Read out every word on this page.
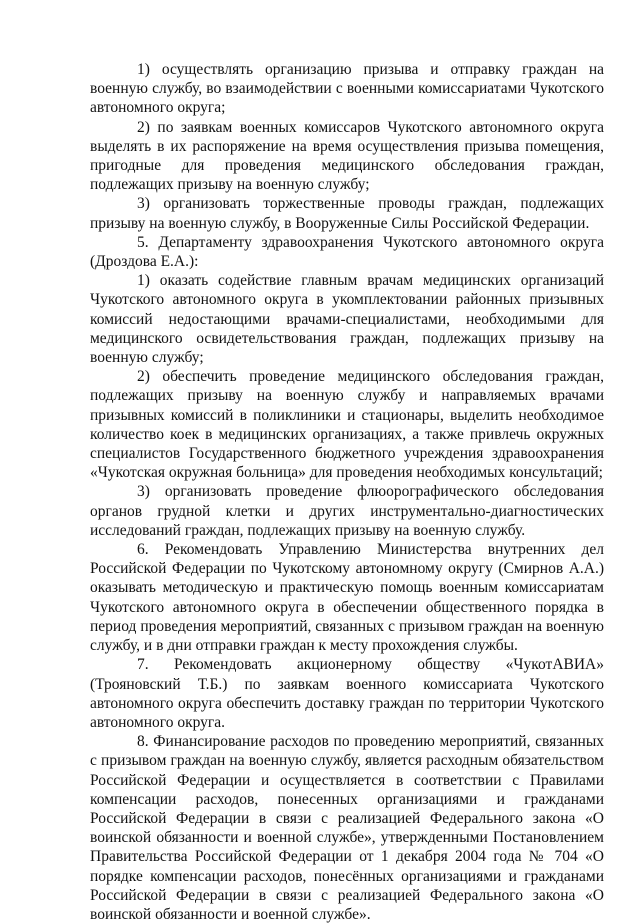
1) осуществлять организацию призыва и отправку граждан на военную службу, во взаимодействии с военными комиссариатами Чукотского автономного округа;

2) по заявкам военных комиссаров Чукотского автономного округа выделять в их распоряжение на время осуществления призыва помещения, пригодные для проведения медицинского обследования граждан, подлежащих призыву на военную службу;

3) организовать торжественные проводы граждан, подлежащих призыву на военную службу, в Вооруженные Силы Российской Федерации.

5. Департаменту здравоохранения Чукотского автономного округа (Дроздова Е.А.):

1) оказать содействие главным врачам медицинских организаций Чукотского автономного округа в укомплектовании районных призывных комиссий недостающими врачами-специалистами, необходимыми для медицинского освидетельствования граждан, подлежащих призыву на военную службу;

2) обеспечить проведение медицинского обследования граждан, подлежащих призыву на военную службу и направляемых врачами призывных комиссий в поликлиники и стационары, выделить необходимое количество коек в медицинских организациях, а также привлечь окружных специалистов Государственного бюджетного учреждения здравоохранения «Чукотская окружная больница» для проведения необходимых консультаций;

3) организовать проведение флюорографического обследования органов грудной клетки и других инструментально-диагностических исследований граждан, подлежащих призыву на военную службу.

6. Рекомендовать Управлению Министерства внутренних дел Российской Федерации по Чукотскому автономному округу (Смирнов А.А.) оказывать методическую и практическую помощь военным комиссариатам Чукотского автономного округа в обеспечении общественного порядка в период проведения мероприятий, связанных с призывом граждан на военную службу, и в дни отправки граждан к месту прохождения службы.

7. Рекомендовать акционерному обществу «ЧукотАВИА» (Трояновский Т.Б.) по заявкам военного комиссариата Чукотского автономного округа обеспечить доставку граждан по территории Чукотского автономного округа.

8. Финансирование расходов по проведению мероприятий, связанных с призывом граждан на военную службу, является расходным обязательством Российской Федерации и осуществляется в соответствии с Правилами компенсации расходов, понесенных организациями и гражданами Российской Федерации в связи с реализацией Федерального закона «О воинской обязанности и военной службе», утвержденными Постановлением Правительства Российской Федерации от 1 декабря 2004 года № 704 «О порядке компенсации расходов, понесённых организациями и гражданами Российской Федерации в связи с реализацией Федерального закона «О воинской обязанности и военной службе».
